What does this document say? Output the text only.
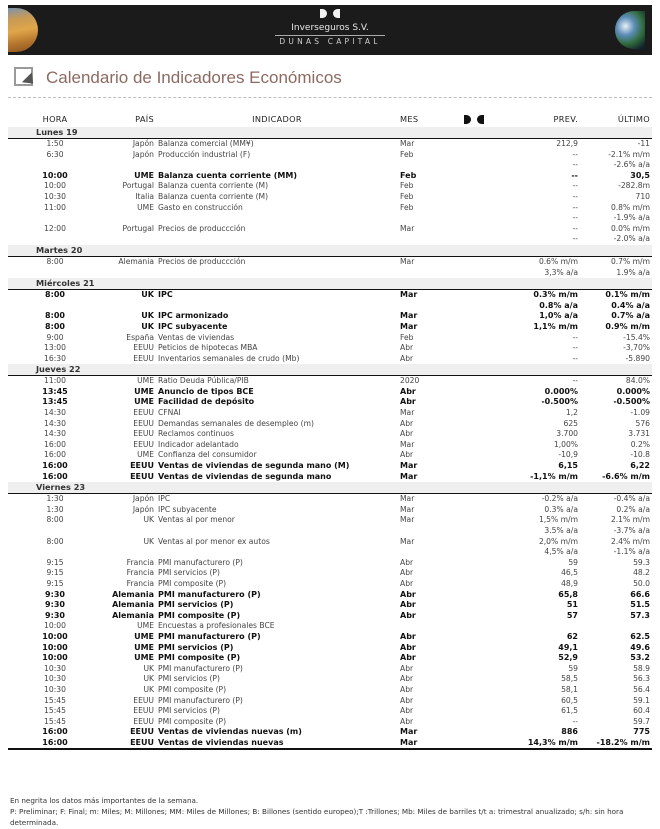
Inverseguros S.V.
DUNAS CAPITAL
Calendario de Indicadores Económicos
HORA	PAÍS	INDICADOR	MES		PREV.	ÚLTIMO
Lunes 19						
1:50	Japón	Balanza comercial (MM¥)	Mar		212,9	-11
6:30	Japón	Producción industrial (F)	Feb		--	-2.1% m/m
					--	-2.6% a/a
10:00	UME	Balanza cuenta corriente (MM)	Feb		--	30,5
10:00	Portugal	Balanza cuenta corriente (M)	Feb		--	-282.8m
10:30	Italia	Balanza cuenta corriente (M)	Feb		--	710
11:00	UME	Gasto en construcción	Feb		--	0.8% m/m
					--	-1.9% a/a
12:00	Portugal	Precios de produccción	Mar		--	0.0% m/m
					--	-2.0% a/a
Martes 20						
8:00	Alemania	Precios de produccción	Mar		0.6% m/m	0.7% m/m
					3,3% a/a	1.9% a/a
Miércoles 21						
8:00	UK	IPC	Mar		0.3% m/m	0.1% m/m
					0.8% a/a	0.4% a/a
8:00	UK	IPC armonizado	Mar		1,0% a/a	0.7% a/a
8:00	UK	IPC subyacente	Mar		1,1% m/m	0.9% m/m
9:00	España	Ventas de viviendas	Feb		--	-15.4%
13:00	EEUU	Peticios de hipotecas MBA	Abr		--	-3,70%
16:30	EEUU	Inventarios semanales de crudo (Mb)	Abr		--	-5.890
Jueves 22						
11:00	UME	Ratio Deuda Pública/PIB	2020		--	84.0%
13:45	UME	Anuncio de tipos BCE	Abr		0.000%	0.000%
13:45	UME	Facilidad de depósito	Abr		-0.500%	-0.500%
14:30	EEUU	CFNAI	Mar		1,2	-1.09
14:30	EEUU	Demandas semanales de desempleo (m)	Abr		625	576
14:30	EEUU	Reclamos continuos	Abr		3.700	3.731
16:00	EEUU	Indicador adelantado	Mar		1,00%	0.2%
16:00	UME	Confianza del consumidor	Abr		-10,9	-10.8
16:00	EEUU	Ventas de viviendas de segunda mano (M)	Mar		6,15	6,22
16:00	EEUU	Ventas de viviendas de segunda mano	Mar		-1,1% m/m	-6.6% m/m
Viernes 23						
1:30	Japón	IPC	Mar		-0.2% a/a	-0.4% a/a
1:30	Japón	IPC subyacente	Mar		0.3% a/a	0.2% a/a
8:00	UK	Ventas al por menor	Mar		1,5% m/m	2.1% m/m
					3.5% a/a	-3.7% a/a
8:00	UK	Ventas al por menor ex autos	Mar		2,0% m/m	2.4% m/m
					4,5% a/a	-1.1% a/a
9:15	Francia	PMI manufacturero (P)	Abr		59	59.3
9:15	Francia	PMI servicios (P)	Abr		46,5	48.2
9:15	Francia	PMI composite (P)	Abr		48,9	50.0
9:30	Alemania	PMI manufacturero (P)	Abr		65,8	66.6
9:30	Alemania	PMI servicios (P)	Abr		51	51.5
9:30	Alemania	PMI composite (P)	Abr		57	57.3
10:00	UME	Encuestas a profesionales BCE				
10:00	UME	PMI manufacturero (P)	Abr		62	62.5
10:00	UME	PMI servicios (P)	Abr		49,1	49.6
10:00	UME	PMI composite (P)	Abr		52,9	53.2
10:30	UK	PMI manufacturero (P)	Abr		59	58.9
10:30	UK	PMI servicios (P)	Abr		58,5	56.3
10:30	UK	PMI composite (P)	Abr		58,1	56.4
15:45	EEUU	PMI manufacturero (P)	Abr		60,5	59.1
15:45	EEUU	PMI servicios (P)	Abr		61,5	60.4
15:45	EEUU	PMI composite (P)	Abr		--	59.7
16:00	EEUU	Ventas de viviendas nuevas (m)	Mar		886	775
16:00	EEUU	Ventas de viviendas nuevas	Mar		14,3% m/m	-18.2% m/m
En negrita los datos más importantes de la semana.
P: Preliminar; F: Final; m: Miles; M: Millones; MM: Miles de Millones; B: Billones (sentido europeo);T :Trillones; Mb: Miles de barriles t/t a: trimestral anualizado; s/h: sin hora determinada.
